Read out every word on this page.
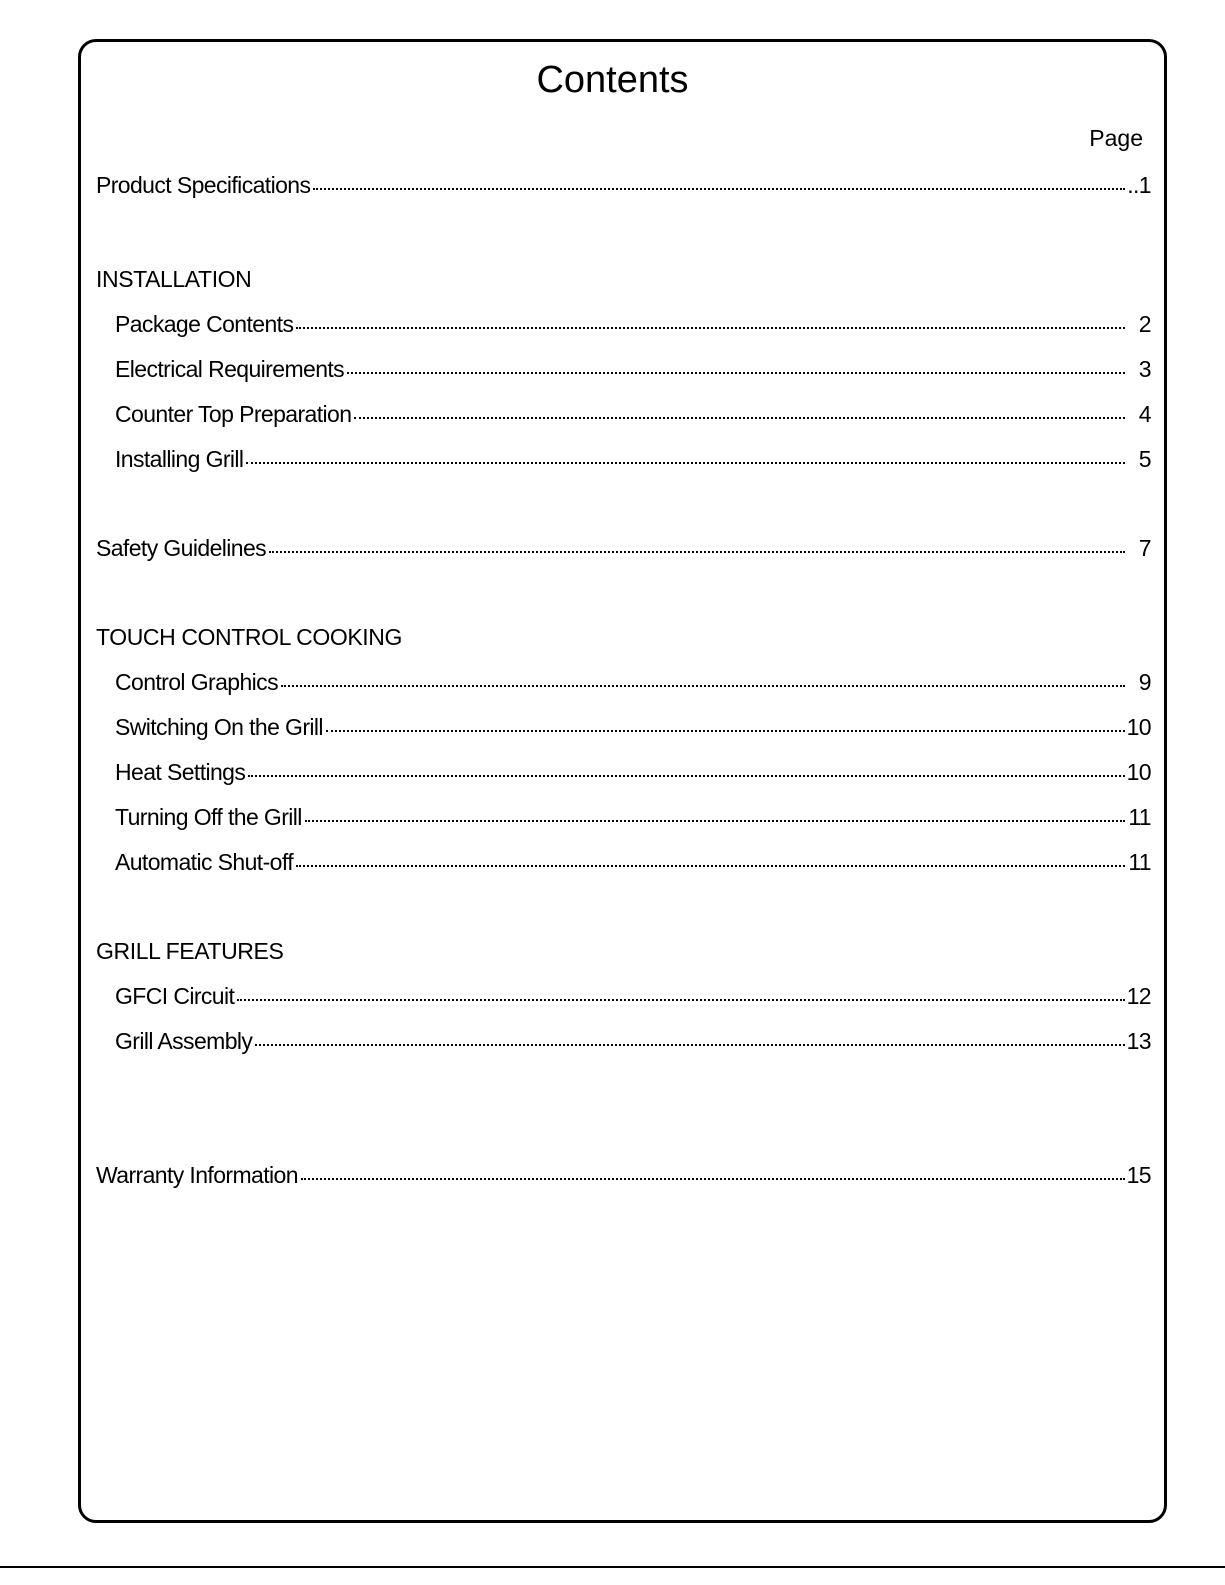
Contents
Page
Product Specifications	..1
INSTALLATION
Package Contents	2
Electrical Requirements	3
Counter Top Preparation	4
Installing Grill	5
Safety Guidelines	7
TOUCH CONTROL COOKING
Control Graphics	9
Switching On the Grill	10
Heat Settings	10
Turning Off the Grill	11
Automatic Shut-off	11
GRILL FEATURES
GFCI Circuit	12
Grill Assembly	13
Warranty Information	15
